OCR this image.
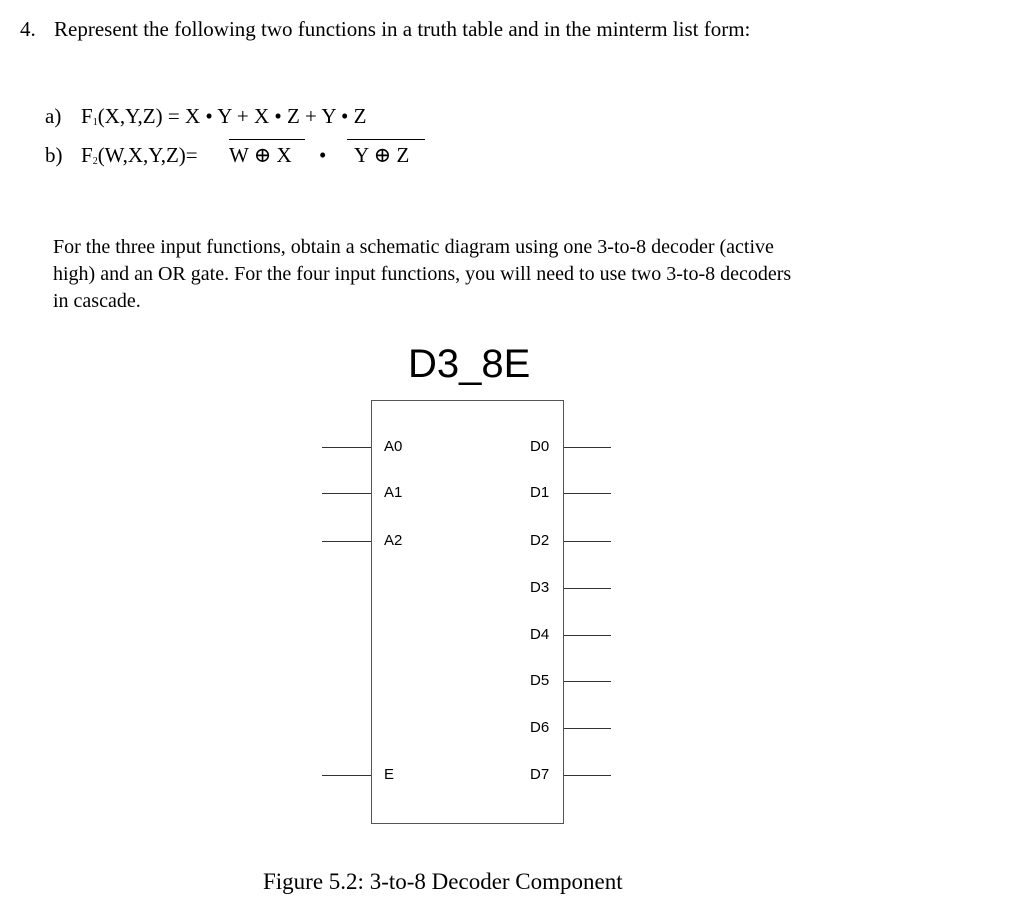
4. Represent the following two functions in a truth table and in the minterm list form:
a) $F_1(X,Y,Z) = X$ • Y + X • Z + Y • Z
b) $F_2(W,X,Y,Z)= W$ ⊕ X • Y ⊕ Z
For the three input functions, obtain a schematic diagram using one 3-to-8 decoder (active
high) and an OR gate. For the four input functions, you will need to use two 3-to-8 decoders
in cascade.
D3_8E
A0
A1
A2
E
D0
D1
D2
D3
D4
D5
D6
D7
Figure 5.2: 3-to-8 Decoder Component
